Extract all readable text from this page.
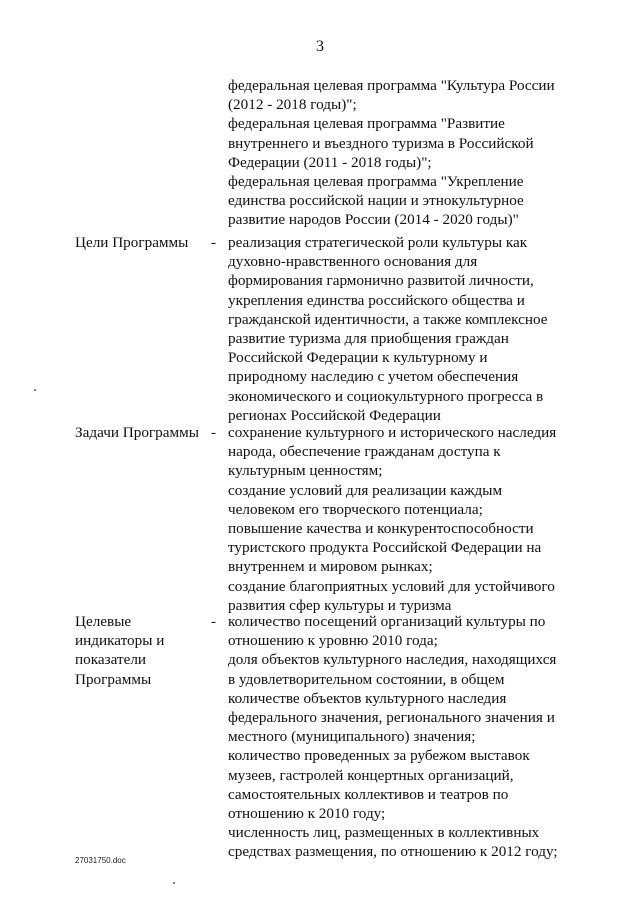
3
федеральная целевая программа "Культура России
(2012 - 2018 годы)";
федеральная целевая программа "Развитие
внутреннего и въездного туризма в Российской
Федерации (2011 - 2018 годы)";
федеральная целевая программа "Укрепление
единства российской нации и этнокультурное
развитие народов России (2014 - 2020 годы)"
Цели Программы - реализация стратегической роли культуры как
духовно-нравственного основания для
формирования гармонично развитой личности,
укрепления единства российского общества и
гражданской идентичности, а также комплексное
развитие туризма для приобщения граждан
Российской Федерации к культурному и
природному наследию с учетом обеспечения
экономического и социокультурного прогресса в
регионах Российской Федерации
Задачи Программы - сохранение культурного и исторического наследия
народа, обеспечение гражданам доступа к
культурным ценностям;
создание условий для реализации каждым
человеком его творческого потенциала;
повышение качества и конкурентоспособности
туристского продукта Российской Федерации на
внутреннем и мировом рынках;
создание благоприятных условий для устойчивого
развития сфер культуры и туризма
Целевые
индикаторы и
показатели
Программы
- количество посещений организаций культуры по
отношению к уровню 2010 года;
доля объектов культурного наследия, находящихся
в удовлетворительном состоянии, в общем
количестве объектов культурного наследия
федерального значения, регионального значения и
местного (муниципального) значения;
количество проведенных за рубежом выставок
музеев, гастролей концертных организаций,
самостоятельных коллективов и театров по
отношению к 2010 году;
численность лиц, размещенных в коллективных
средствах размещения, по отношению к 2012 году;
27031750.doc
